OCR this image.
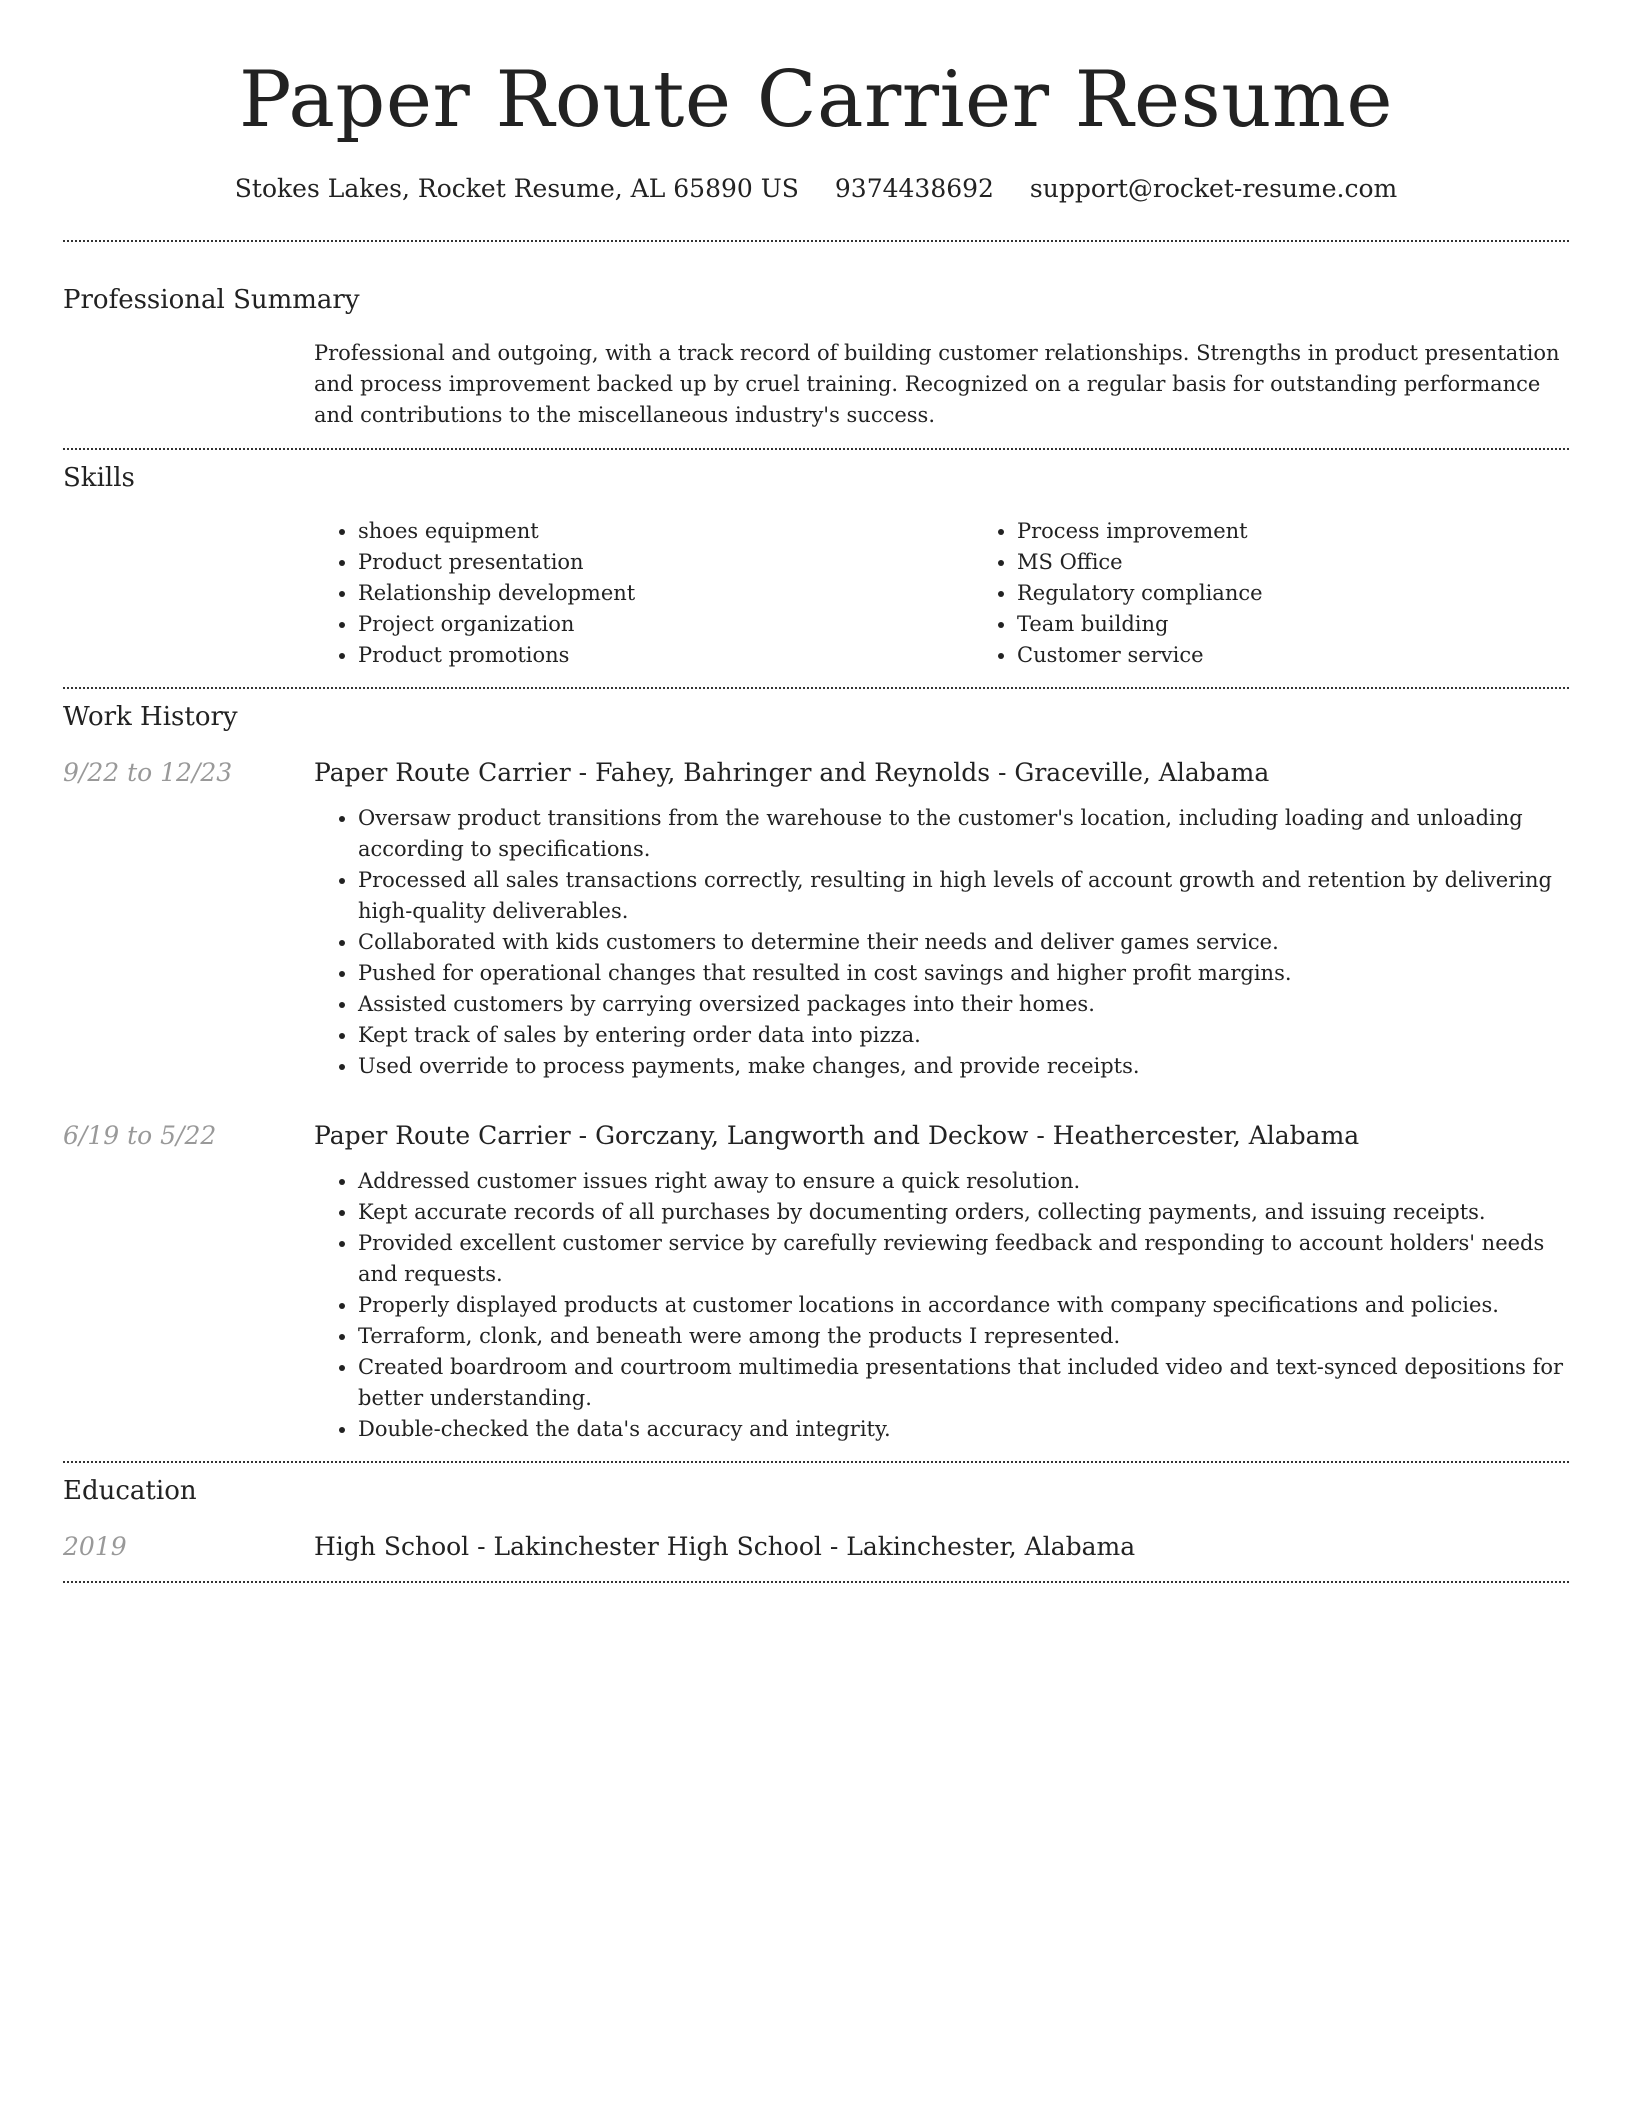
Paper Route Carrier Resume
Stokes Lakes, Rocket Resume, AL 65890 US 9374438692 support@rocket-resume.com
Professional Summary

Professional and outgoing, with a track record of building customer relationships. Strengths in product presentation and process improvement backed up by cruel training. Recognized on a regular basis for outstanding performance and contributions to the miscellaneous industry's success.

Skills
• shoes equipment
• Product presentation
• Relationship development
• Project organization
• Product promotions
• Process improvement
• MS Office
• Regulatory compliance
• Team building
• Customer service
Work History
9/22 to 12/23	Paper Route Carrier - Fahey, Bahringer and Reynolds - Graceville, Alabama
• Oversaw product transitions from the warehouse to the customer's location, including loading and unloading according to specifications.
• Processed all sales transactions correctly, resulting in high levels of account growth and retention by delivering high-quality deliverables.
• Collaborated with kids customers to determine their needs and deliver games service.
• Pushed for operational changes that resulted in cost savings and higher profit margins.
• Assisted customers by carrying oversized packages into their homes.
• Kept track of sales by entering order data into pizza.
• Used override to process payments, make changes, and provide receipts.
6/19 to 5/22	Paper Route Carrier - Gorczany, Langworth and Deckow - Heathercester, Alabama
• Addressed customer issues right away to ensure a quick resolution.
• Kept accurate records of all purchases by documenting orders, collecting payments, and issuing receipts.
• Provided excellent customer service by carefully reviewing feedback and responding to account holders' needs and requests.
• Properly displayed products at customer locations in accordance with company specifications and policies.
• Terraform, clonk, and beneath were among the products I represented.
• Created boardroom and courtroom multimedia presentations that included video and text-synced depositions for better understanding.
• Double-checked the data's accuracy and integrity.
Education
2019	High School - Lakinchester High School - Lakinchester, Alabama
